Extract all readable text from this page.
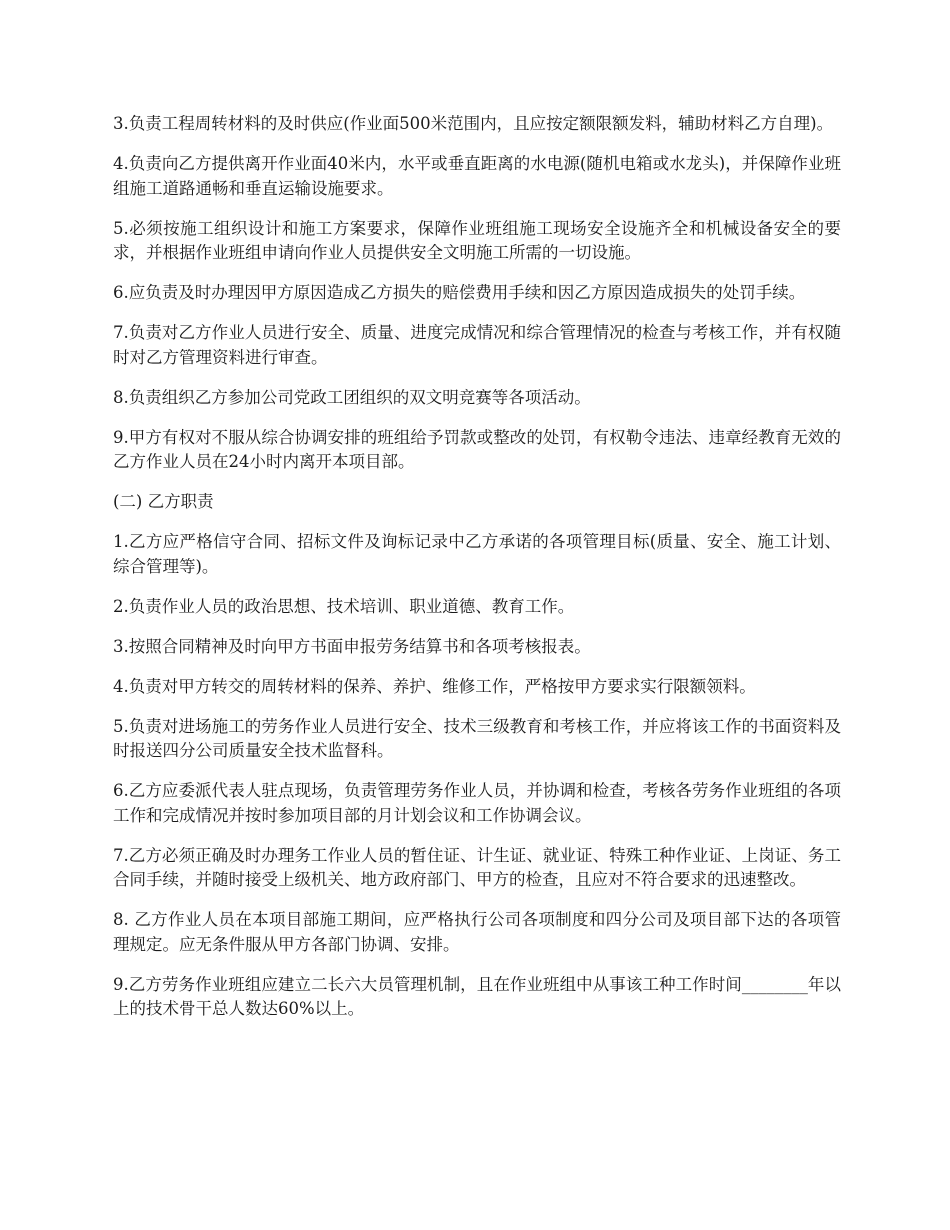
3.负责工程周转材料的及时供应(作业面500米范围内，且应按定额限额发料，辅助材料乙方自理)。

4.负责向乙方提供离开作业面40米内，水平或垂直距离的水电源(随机电箱或水龙头)，并保障作业班组施工道路通畅和垂直运输设施要求。

5.必须按施工组织设计和施工方案要求，保障作业班组施工现场安全设施齐全和机械设备安全的要求，并根据作业班组申请向作业人员提供安全文明施工所需的一切设施。

6.应负责及时办理因甲方原因造成乙方损失的赔偿费用手续和因乙方原因造成损失的处罚手续。

7.负责对乙方作业人员进行安全、质量、进度完成情况和综合管理情况的检查与考核工作，并有权随时对乙方管理资料进行审查。

8.负责组织乙方参加公司党政工团组织的双文明竞赛等各项活动。

9.甲方有权对不服从综合协调安排的班组给予罚款或整改的处罚，有权勒令违法、违章经教育无效的乙方作业人员在24小时内离开本项目部。

(二) 乙方职责

1.乙方应严格信守合同、招标文件及询标记录中乙方承诺的各项管理目标(质量、安全、施工计划、综合管理等)。

2.负责作业人员的政治思想、技术培训、职业道德、教育工作。

3.按照合同精神及时向甲方书面申报劳务结算书和各项考核报表。

4.负责对甲方转交的周转材料的保养、养护、维修工作，严格按甲方要求实行限额领料。

5.负责对进场施工的劳务作业人员进行安全、技术三级教育和考核工作，并应将该工作的书面资料及时报送四分公司质量安全技术监督科。

6.乙方应委派代表人驻点现场，负责管理劳务作业人员，并协调和检查，考核各劳务作业班组的各项工作和完成情况并按时参加项目部的月计划会议和工作协调会议。

7.乙方必须正确及时办理务工作业人员的暂住证、计生证、就业证、特殊工种作业证、上岗证、务工合同手续，并随时接受上级机关、地方政府部门、甲方的检查，且应对不符合要求的迅速整改。

8. 乙方作业人员在本项目部施工期间，应严格执行公司各项制度和四分公司及项目部下达的各项管理规定。应无条件服从甲方各部门协调、安排。

9.乙方劳务作业班组应建立二长六大员管理机制，且在作业班组中从事该工种工作时间________年以上的技术骨干总人数达60%以上。
